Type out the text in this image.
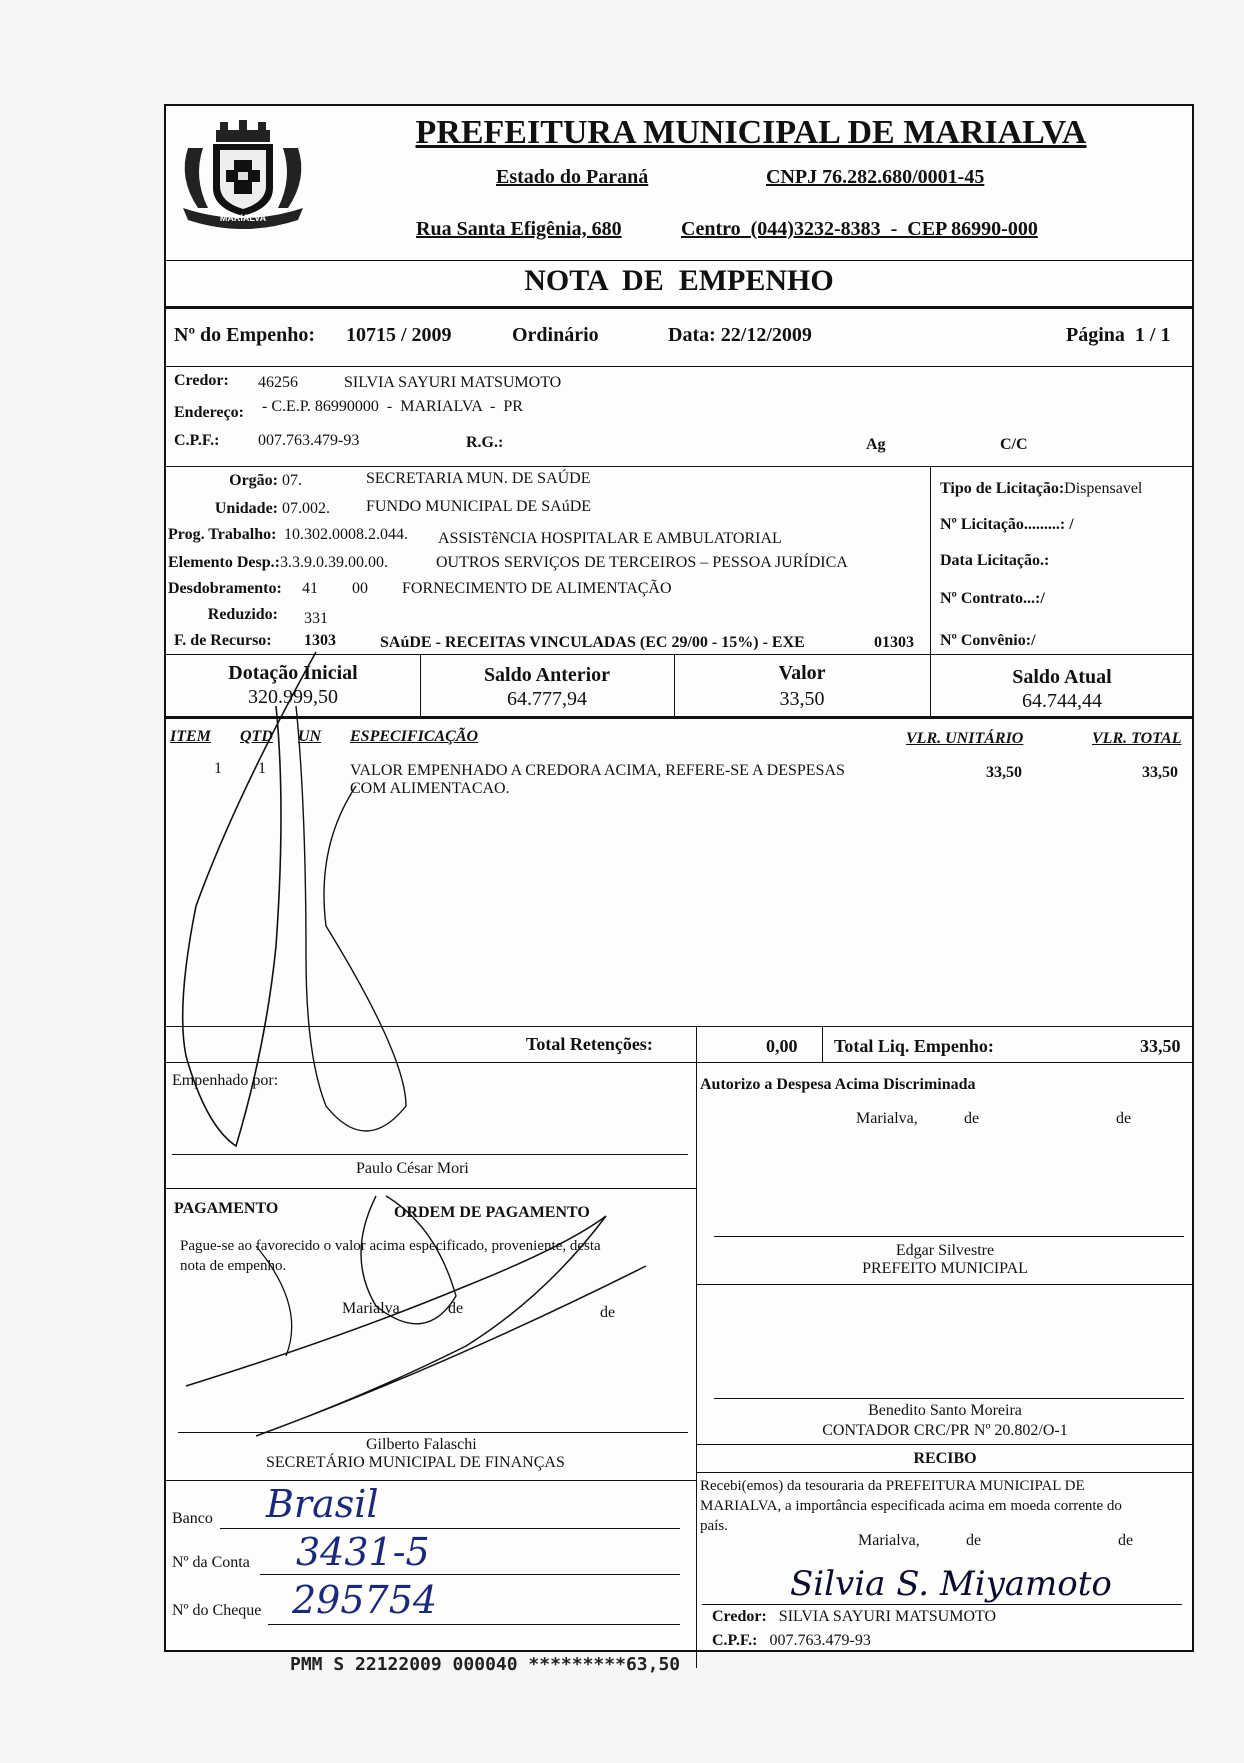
MARIALVA
PREFEITURA MUNICIPAL DE MARIALVA
Estado do Paraná	CNPJ 76.282.680/0001-45
Rua Santa Efigênia, 680	Centro  (044)3232-8383  -  CEP 86990-000
NOTA  DE  EMPENHO
Nº do Empenho: 10715 / 2009	Ordinário	Data: 22/12/2009	Página  1 / 1
Credor: 46256	SILVIA SAYURI MATSUMOTO
Endereço: - C.E.P. 86990000  -  MARIALVA  -  PR
C.P.F.: 007.763.479-93	R.G.:	Ag	C/C
Orgão: 07.	SECRETARIA MUN. DE SAÚDE
Unidade: 07.002. FUNDO MUNICIPAL DE SAúDE
Prog. Trabalho: 10.302.0008.2.044. ASSISTêNCIA HOSPITALAR E AMBULATORIAL
Elemento Desp.: 3.3.9.0.39.00.00.	OUTROS SERVIÇOS DE TERCEIROS – PESSOA JURÍDICA
Desdobramento: 41 00 FORNECIMENTO DE ALIMENTAÇÃO
Reduzido: 331
F. de Recurso: 1303	SAúDE - RECEITAS VINCULADAS (EC 29/00 - 15%) - EXE	01303
Tipo de Licitação:Dispensavel
Nº Licitação.........: /
Data Licitação.:
Nº Contrato...:/
Nº Convênio:/
Dotação Inicial
320.999,50
Saldo Anterior
64.777,94
Valor
33,50
Saldo Atual
64.744,44
ITEM QTD UN ESPECIFICAÇÃO	VLR. UNITÁRIO	VLR. TOTAL
1 1	VALOR EMPENHADO A CREDORA ACIMA, REFERE-SE A DESPESAS
COM ALIMENTACAO.
33,50	33,50
Total Retenções:	0,00 Total Liq. Empenho:	33,50
Empenhado por:
Paulo César Mori
Autorizo a Despesa Acima Discriminada
Marialva,	de	de
PAGAMENTO	ORDEM DE PAGAMENTO
Pague-se ao favorecido o valor acima especificado, proveniente, desta
nota de empenho.
Marialva	de	de
Gilberto Falaschi
SECRETÁRIO MUNICIPAL DE FINANÇAS
Edgar Silvestre
PREFEITO MUNICIPAL
Benedito Santo Moreira
CONTADOR CRC/PR Nº 20.802/O-1
Banco Brasil
Nº da Conta 3431-5
Nº do Cheque 295754
RECIBO
Recebi(emos) da tesouraria da PREFEITURA MUNICIPAL DE
MARIALVA, a importância especificada acima em moeda corrente do
país.
Marialva,	de	de
Silvia S. Miyamoto
Credor: SILVIA SAYURI MATSUMOTO
C.P.F.: 007.763.479-93
PMM S 22122009 000040 *********63,50
